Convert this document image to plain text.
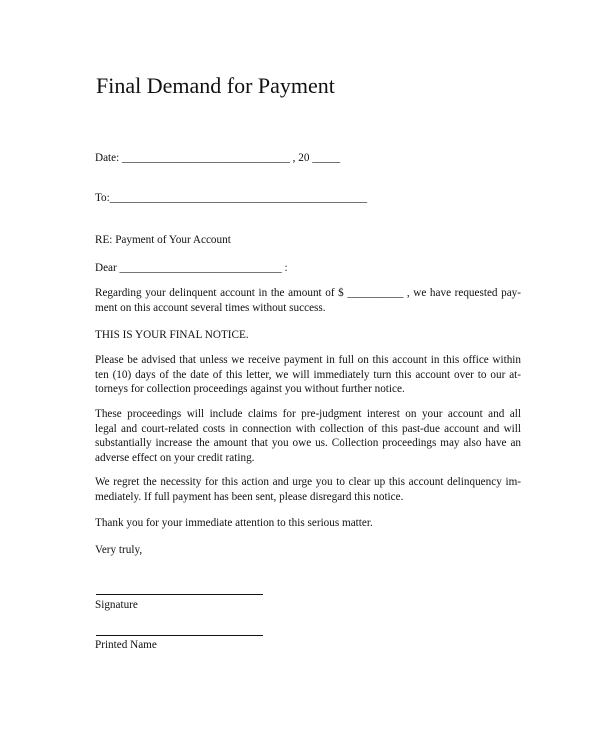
Final Demand for Payment
Date: ______________________________ , 20 _____
To:______________________________________________
RE: Payment of Your Account
Dear _____________________________ :
Regarding your delinquent account in the amount of $ __________ , we have requested pay-
ment on this account several times without success.
THIS IS YOUR FINAL NOTICE.
Please be advised that unless we receive payment in full on this account in this office within
ten (10) days of the date of this letter, we will immediately turn this account over to our at-
torneys for collection proceedings against you without further notice.
These proceedings will include claims for pre-judgment interest on your account and all
legal and court-related costs in connection with collection of this past-due account and will
substantially increase the amount that you owe us. Collection proceedings may also have an
adverse effect on your credit rating.
We regret the necessity for this action and urge you to clear up this account delinquency im-
mediately. If full payment has been sent, please disregard this notice.
Thank you for your immediate attention to this serious matter.
Very truly,
Signature
Printed Name
